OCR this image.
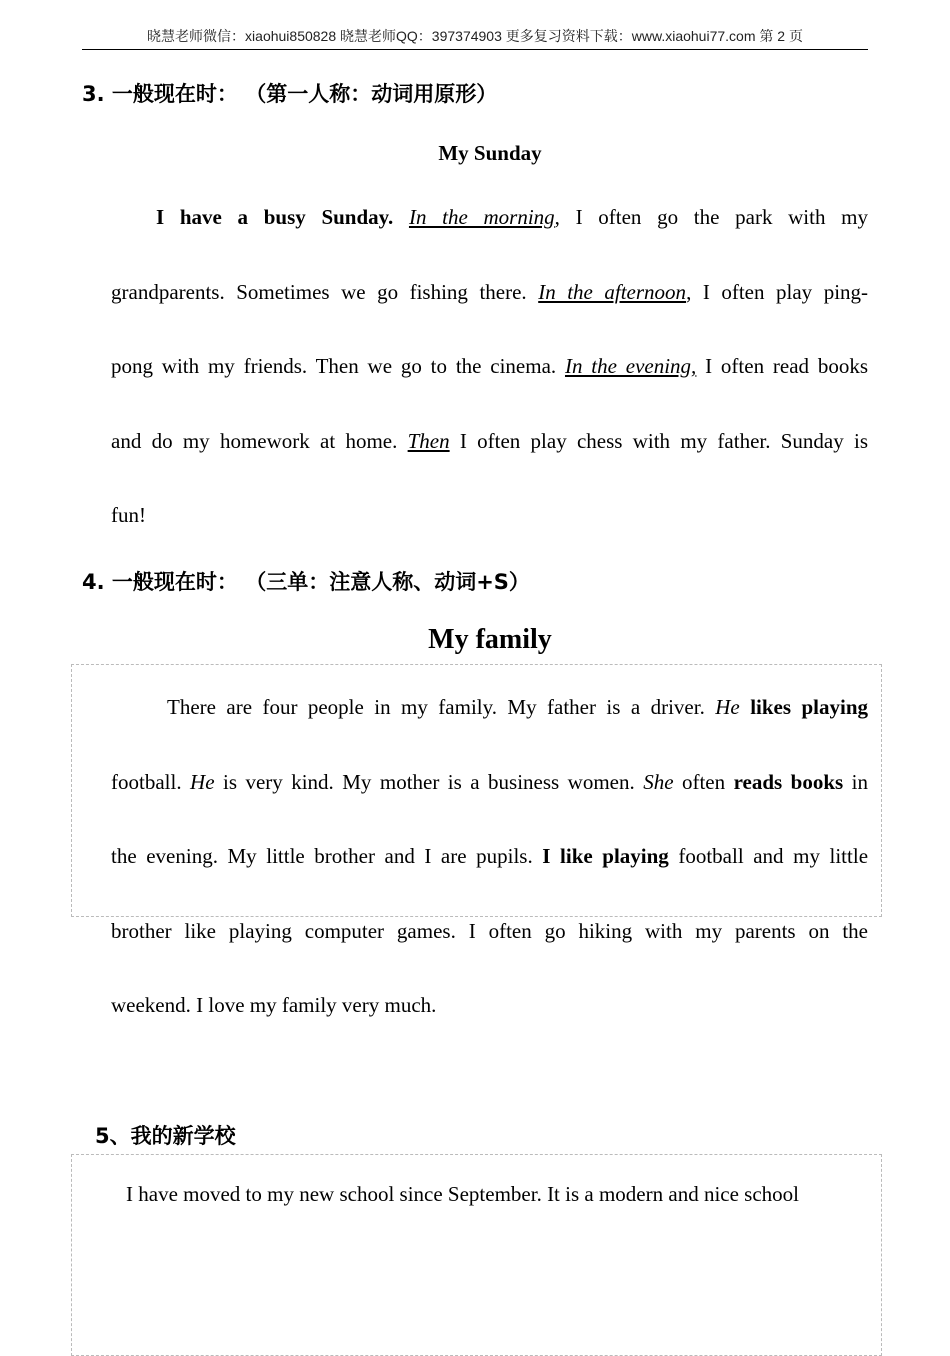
晓慧老师微信：xiaohui850828 晓慧老师QQ：397374903 更多复习资料下载：www.xiaohui77.com 第 2 页
3. 一般现在时： （第一人称：动词用原形）
My Sunday
I have a busy Sunday. In the morning, I often go the park with my
grandparents. Sometimes we go fishing there. In the afternoon, I often play ping-
pong with my friends. Then we go to the cinema. In the evening, I often read books
and do my homework at home. Then I often play chess with my father. Sunday is
fun!
4. 一般现在时： （三单：注意人称、动词+S）
My family
There are four people in my family. My father is a driver. He likes playing
football. He is very kind. My mother is a business women. She often reads books in
the evening. My little brother and I are pupils. I like playing football and my little
brother like playing computer games. I often go hiking with my parents on the
weekend. I love my family very much.
5、我的新学校
I have moved to my new school since September. It is a modern and nice school
